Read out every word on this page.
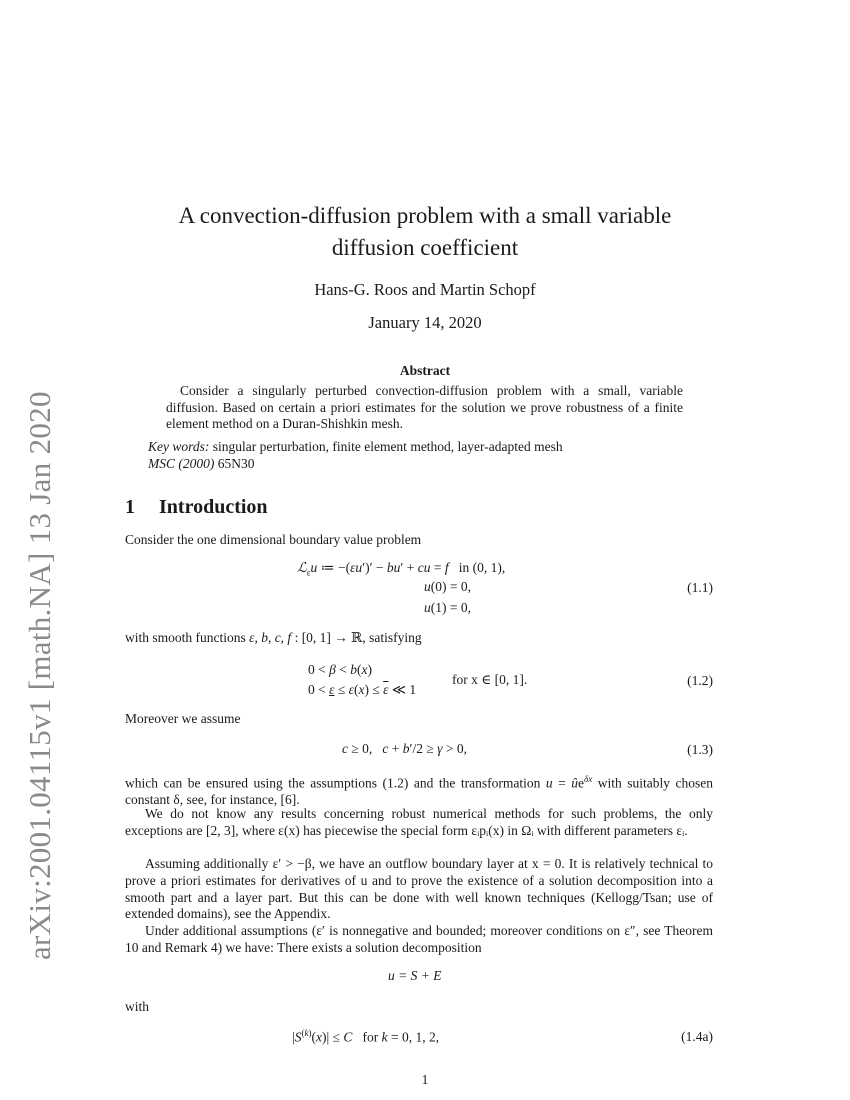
arXiv:2001.04115v1 [math.NA] 13 Jan 2020
A convection-diffusion problem with a small variable
diffusion coefficient
Hans-G. Roos and Martin Schopf
January 14, 2020
Abstract
Consider a singularly perturbed convection-diffusion problem with a small, variable diffusion. Based on certain a priori estimates for the solution we prove robustness of a finite element method on a Duran-Shishkin mesh.
Key words: singular perturbation, finite element method, layer-adapted mesh
MSC (2000) 65N30
1 Introduction
Consider the one dimensional boundary value problem
ℒ$_\varepsilon$u ≔ −(εu′)′ − bu′ + cu = f   in (0, 1),
u(0) = 0,
u(1) = 0,
(1.1)
with smooth functions ε, b, c, f : [0, 1] → ℝ, satisfying
0 < β < b(x)
$0 < \varepsilon \le \varepsilon(x) \le \overline{\varepsilon}$ ≪ 1
for x ∈ [0, 1].	(1.2)
Moreover we assume
c ≥ 0,   c + b′/2 ≥ γ > 0,	(1.3)
which can be ensured using the assumptions (1.2) and the transformation $u = ûe^{\delta x}$ with suitably chosen constant δ, see, for instance, [6].
We do not know any results concerning robust numerical methods for such problems, the only exceptions are [2, 3], where ε(x) has piecewise the special form εᵢpᵢ(x) in Ωᵢ with different parameters εᵢ.
Assuming additionally ε′ > −β, we have an outflow boundary layer at x = 0. It is relatively technical to prove a priori estimates for derivatives of u and to prove the existence of a solution decomposition into a smooth part and a layer part. But this can be done with well known techniques (Kellogg/Tsan; use of extended domains), see the Appendix.
Under additional assumptions (ε′ is nonnegative and bounded; moreover conditions on ε″, see Theorem 10 and Remark 4) we have: There exists a solution decomposition
u = S + E
with
$|S^{(k)}(x)| \le C$   for k = 0, 1, 2,	(1.4a)
1
